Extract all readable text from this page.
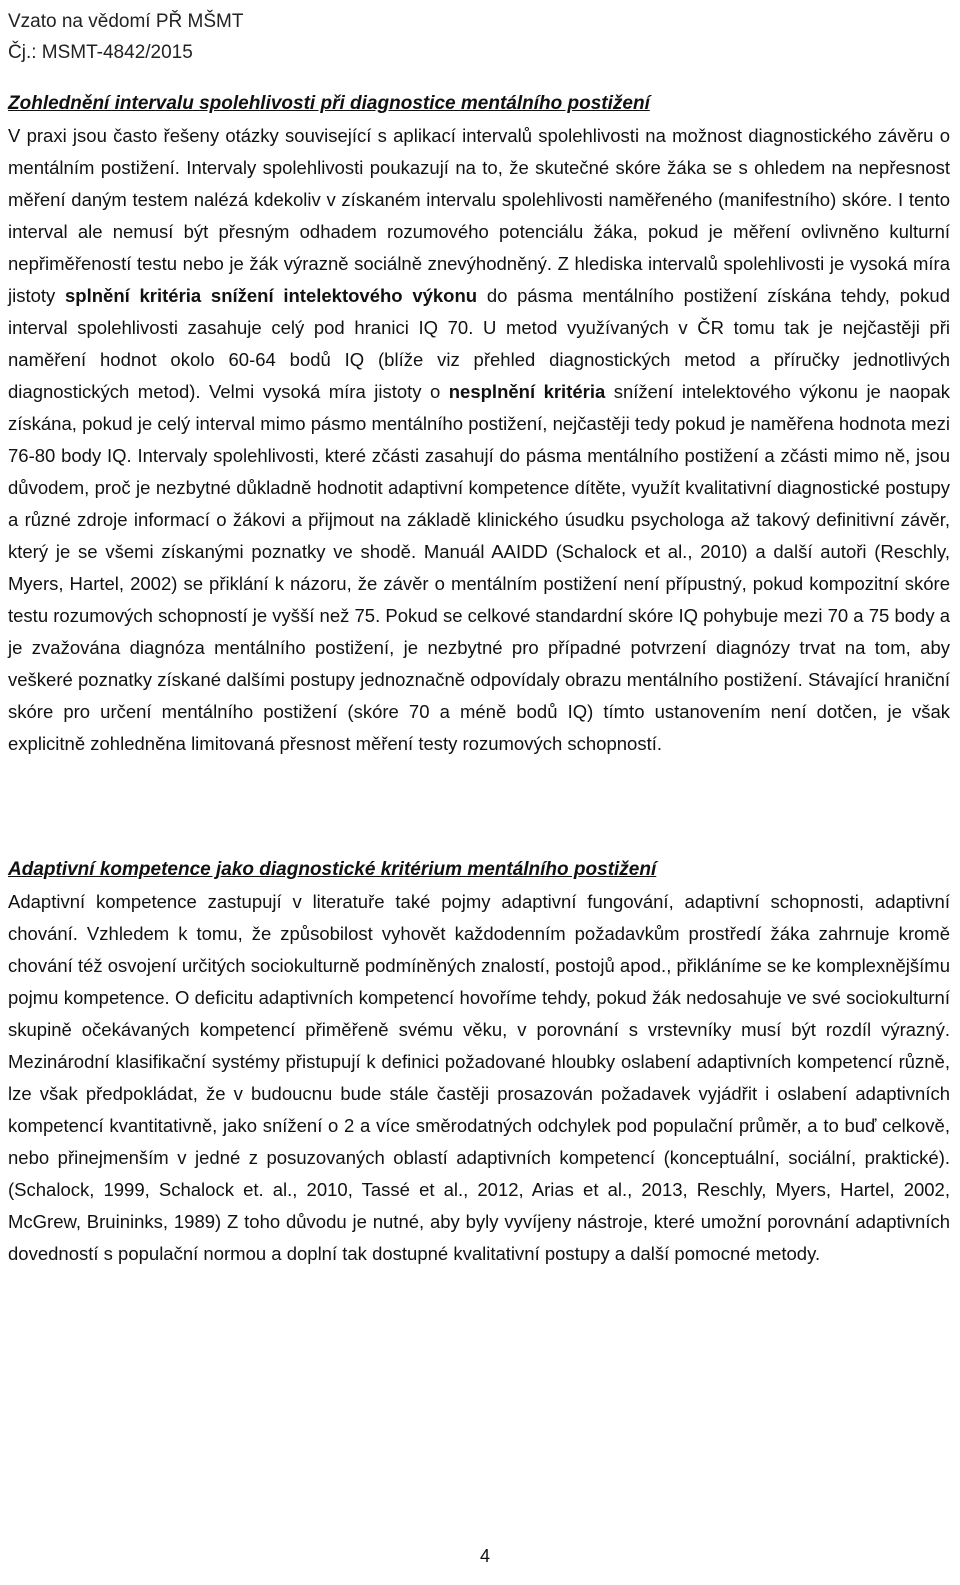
Vzato na vědomí PŘ MŠMT
Čj.: MSMT-4842/2015
Zohlednění intervalu spolehlivosti při diagnostice mentálního postižení

V praxi jsou často řešeny otázky související s aplikací intervalů spolehlivosti na možnost diagnostického závěru o mentálním postižení. Intervaly spolehlivosti poukazují na to, že skutečné skóre žáka se s ohledem na nepřesnost měření daným testem nalézá kdekoliv v získaném intervalu spolehlivosti naměřeného (manifestního) skóre. I tento interval ale nemusí být přesným odhadem rozumového potenciálu žáka, pokud je měření ovlivněno kulturní nepřiměřeností testu nebo je žák výrazně sociálně znevýhodněný. Z hlediska intervalů spolehlivosti je vysoká míra jistoty splnění kritéria snížení intelektového výkonu do pásma mentálního postižení získána tehdy, pokud interval spolehlivosti zasahuje celý pod hranici IQ 70. U metod využívaných v ČR tomu tak je nejčastěji při naměření hodnot okolo 60-64 bodů IQ (blíže viz přehled diagnostických metod a příručky jednotlivých diagnostických metod). Velmi vysoká míra jistoty o nesplnění kritéria snížení intelektového výkonu je naopak získána, pokud je celý interval mimo pásmo mentálního postižení, nejčastěji tedy pokud je naměřena hodnota mezi 76-80 body IQ. Intervaly spolehlivosti, které zčásti zasahují do pásma mentálního postižení a zčásti mimo ně, jsou důvodem, proč je nezbytné důkladně hodnotit adaptivní kompetence dítěte, využít kvalitativní diagnostické postupy a různé zdroje informací o žákovi a přijmout na základě klinického úsudku psychologa až takový definitivní závěr, který je se všemi získanými poznatky ve shodě. Manuál AAIDD (Schalock et al., 2010) a další autoři (Reschly, Myers, Hartel, 2002) se přiklání k názoru, že závěr o mentálním postižení není přípustný, pokud kompozitní skóre testu rozumových schopností je vyšší než 75. Pokud se celkové standardní skóre IQ pohybuje mezi 70 a 75 body a je zvažována diagnóza mentálního postižení, je nezbytné pro případné potvrzení diagnózy trvat na tom, aby veškeré poznatky získané dalšími postupy jednoznačně odpovídaly obrazu mentálního postižení. Stávající hraniční skóre pro určení mentálního postižení (skóre 70 a méně bodů IQ) tímto ustanovením není dotčen, je však explicitně zohledněna limitovaná přesnost měření testy rozumových schopností.

Adaptivní kompetence jako diagnostické kritérium mentálního postižení

Adaptivní kompetence zastupují v literatuře také pojmy adaptivní fungování, adaptivní schopnosti, adaptivní chování. Vzhledem k tomu, že způsobilost vyhovět každodenním požadavkům prostředí žáka zahrnuje kromě chování též osvojení určitých sociokulturně podmíněných znalostí, postojů apod., přikláníme se ke komplexnějšímu pojmu kompetence. O deficitu adaptivních kompetencí hovoříme tehdy, pokud žák nedosahuje ve své sociokulturní skupině očekávaných kompetencí přiměřeně svému věku, v porovnání s vrstevníky musí být rozdíl výrazný. Mezinárodní klasifikační systémy přistupují k definici požadované hloubky oslabení adaptivních kompetencí různě, lze však předpokládat, že v budoucnu bude stále častěji prosazován požadavek vyjádřit i oslabení adaptivních kompetencí kvantitativně, jako snížení o 2 a více směrodatných odchylek pod populační průměr, a to buď celkově, nebo přinejmenším v jedné z posuzovaných oblastí adaptivních kompetencí (konceptuální, sociální, praktické). (Schalock, 1999, Schalock et. al., 2010, Tassé et al., 2012, Arias et al., 2013, Reschly, Myers, Hartel, 2002, McGrew, Bruininks, 1989) Z toho důvodu je nutné, aby byly vyvíjeny nástroje, které umožní porovnání adaptivních dovedností s populační normou a doplní tak dostupné kvalitativní postupy a další pomocné metody.

4
